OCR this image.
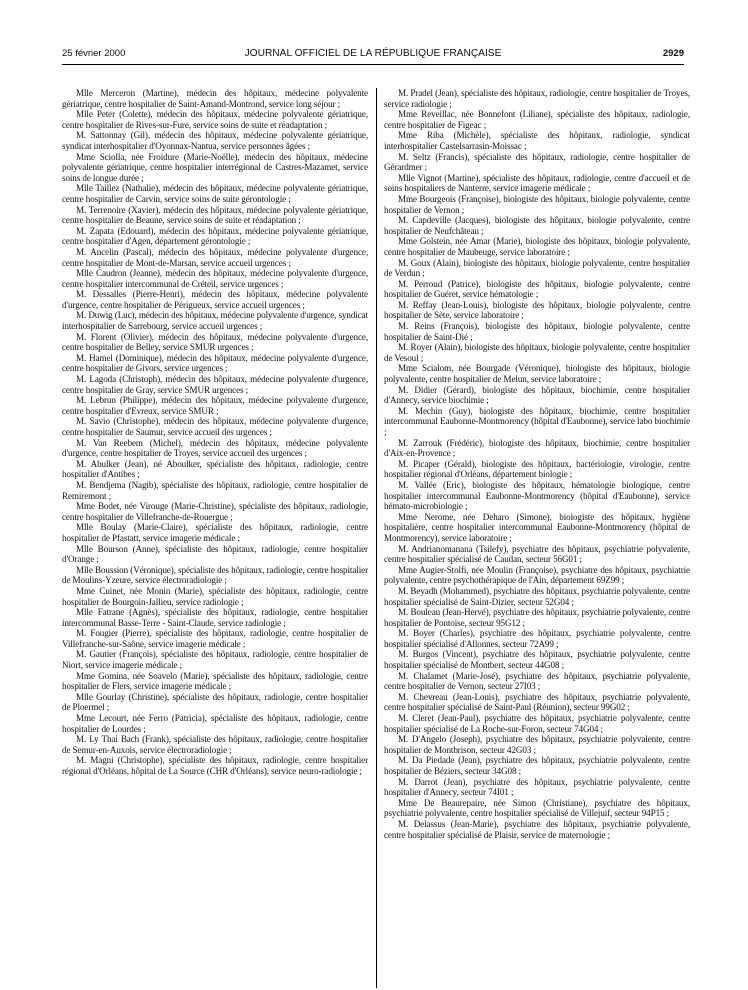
25 février 2000	JOURNAL OFFICIEL DE LA RÉPUBLIQUE FRANÇAISE	2929

Mlle Merceron (Martine), médecin des hôpitaux, médecine polyvalente gériatrique, centre hospitalier de Saint-Amand-Montrond, service long séjour ;

Mlle Peter (Colette), médecin des hôpitaux, médecine polyvalente gériatrique, centre hospitalier de Rives-sur-Fure, service soins de suite et réadaptation ;

M. Sattonnay (Gil), médecin des hôpitaux, médecine polyvalente gériatrique, syndicat interhospitalier d'Oyonnax-Nantua, service personnes âgées ;

Mme Sciolla, née Froidure (Marie-Noëlle), médecin des hôpitaux, médecine polyvalente gériatrique, centre hospitalier interrégional de Castres-Mazamet, service soins de longue durée ;

Mlle Taillez (Nathalie), médecin des hôpitaux, médecine polyvalente gériatrique, centre hospitalier de Carvin, service soins de suite gérontologie ;

M. Terrenoire (Xavier), médecin des hôpitaux, médecine polyvalente gériatrique, centre hospitalier de Beaune, service soins de suite et réadaptation ;

M. Zapata (Edouard), médecin des hôpitaux, médecine polyvalente gériatrique, centre hospitalier d'Agen, département gérontologie ;

M. Ancelin (Pascal), médecin des hôpitaux, médecine polyvalente d'urgence, centre hospitalier de Mont-de-Marsan, service accueil urgences ;

Mlle Caudron (Jeanne), médecin des hôpitaux, médecine polyvalente d'urgence, centre hospitalier intercommunal de Créteil, service urgences ;

M. Dessalles (Pierre-Henri), médecin des hôpitaux, médecine polyvalente d'urgence, centre hospitalier de Périgueux, service accueil urgences ;

M. Duwig (Luc), médecin des hôpitaux, médecine polyvalente d'urgence, syndicat interhospitalier de Sarrebourg, service accueil urgences ;

M. Florent (Olivier), médecin des hôpitaux, médecine polyvalente d'urgence, centre hospitalier de Belley, service SMUR urgences ;

M. Hamel (Dominique), médecin des hôpitaux, médecine polyvalente d'urgence, centre hospitalier de Givors, service urgences ;

M. Lagoda (Christoph), médecin des hôpitaux, médecine polyvalente d'urgence, centre hospitalier de Gray, service SMUR urgences ;

M. Lebrun (Philippe), médecin des hôpitaux, médecine polyvalente d'urgence, centre hospitalier d'Evreux, service SMUR ;

M. Savio (Christophe), médecin des hôpitaux, médecine polyvalente d'urgence, centre hospitalier de Saumur, service accueil des urgences ;

M. Van Reebem (Michel), médecin des hôpitaux, médecine polyvalente d'urgence, centre hospitalier de Troyes, service accueil des urgences ;

M. Abulker (Jean), né Aboulker, spécialiste des hôpitaux, radiologie, centre hospitalier d'Antibes ;

M. Bendjema (Nagib), spécialiste des hôpitaux, radiologie, centre hospitalier de Remiremont ;

Mme Bodet, née Virouge (Marie-Christine), spécialiste des hôpitaux, radiologie, centre hospitalier de Villefranche-de-Rouergue ;

Mlle Boulay (Marie-Claire), spécialiste des hôpitaux, radiologie, centre hospitalier de Pfastatt, service imagerie médicale ;

Mlle Bourson (Anne), spécialiste des hôpitaux, radiologie, centre hospitalier d'Orange ;

Mlle Boussion (Véronique), spécialiste des hôpitaux, radiologie, centre hospitalier de Moulins-Yzeure, service électroradiologie ;

Mme Cuinet, née Monin (Marie), spécialiste des hôpitaux, radiologie, centre hospitalier de Bourgoin-Jallieu, service radiologie ;

Mlle Fatrane (Agnès), spécialiste des hôpitaux, radiologie, centre hospitalier intercommunal Basse-Terre - Saint-Claude, service radiologie ;

M. Fougier (Pierre), spécialiste des hôpitaux, radiologie, centre hospitalier de Villefranche-sur-Saône, service imagerie médicale ;

M. Gautier (François), spécialiste des hôpitaux, radiologie, centre hospitalier de Niort, service imagerie médicale ;

Mme Gomina, née Soavelo (Marie), spécialiste des hôpitaux, radiologie, centre hospitalier de Flers, service imagerie médicale ;

Mlle Gourlay (Christine), spécialiste des hôpitaux, radiologie, centre hospitalier de Ploermel ;

Mme Lecourt, née Ferro (Patricia), spécialiste des hôpitaux, radiologie, centre hospitalier de Lourdes ;

M. Ly Thai Bach (Frank), spécialiste des hôpitaux, radiologie, centre hospitalier de Semur-en-Auxois, service électroradiologie ;

M. Magni (Christophe), spécialiste des hôpitaux, radiologie, centre hospitalier régional d'Orléans, hôpital de La Source (CHR d'Orléans), service neuro-radiologie ;

M. Pradel (Jean), spécialiste des hôpitaux, radiologie, centre hospitalier de Troyes, service radiologie ;

Mme Reveillac, née Bonnefont (Liliane), spécialiste des hôpitaux, radiologie, centre hospitalier de Figeac ;

Mme Riba (Michèle), spécialiste des hôpitaux, radiologie, syndicat interhospitalier Castelsarrasin-Moissac ;

M. Seltz (Francis), spécialiste des hôpitaux, radiologie, centre hospitalier de Gérardmer ;

Mlle Vignot (Martine), spécialiste des hôpitaux, radiologie, centre d'accueil et de soins hospitaliers de Nanterre, service imagerie médicale ;

Mme Bourgeois (Françoise), biologiste des hôpitaux, biologie polyvalente, centre hospitalier de Vernon ;

M. Capdeville (Jacques), biologiste des hôpitaux, biologie polyvalente, centre hospitalier de Neufchâteau ;

Mme Golstein, née Amar (Marie), biologiste des hôpitaux, biologie polyvalente, centre hospitalier de Maubeuge, service laboratoire ;

M. Goux (Alain), biologiste des hôpitaux, biologie polyvalente, centre hospitalier de Verdun ;

M. Perroud (Patrice), biologiste des hôpitaux, biologie polyvalente, centre hospitalier de Guéret, service hématologie ;

M. Reffay (Jean-Louis), biologiste des hôpitaux, biologie polyvalente, centre hospitalier de Sète, service laboratoire ;

M. Reins (François), biologiste des hôpitaux, biologie polyvalente, centre hospitalier de Saint-Dié ;

M. Royer (Alain), biologiste des hôpitaux, biologie polyvalente, centre hospitalier de Vesoul ;

Mme Scialom, née Bourgade (Véronique), biologiste des hôpitaux, biologie polyvalente, centre hospitalier de Melun, service laboratoire ;

M. Didier (Gérard), biologiste des hôpitaux, biochimie, centre hospitalier d'Annecy, service biochimie ;

M. Mechin (Guy), biologiste des hôpitaux, biochimie, centre hospitalier intercommunal Eaubonne-Montmorency (hôpital d'Eaubonne), service labo biochimie ;

M. Zarrouk (Frédéric), biologiste des hôpitaux, biochimie, centre hospitalier d'Aix-en-Provence ;

M. Picaper (Gérald), biologiste des hôpitaux, bactériologie, virologie, centre hospitalier régional d'Orléans, département biologie ;

M. Vallée (Eric), biologiste des hôpitaux, hématologie biologique, centre hospitalier intercommunal Eaubonne-Montmorency (hôpital d'Eaubonne), service hémato-microbiologie ;

Mme Nerome, née Deharo (Simone), biologiste des hôpitaux, hygiène hospitalière, centre hospitalier intercommunal Eaubonne-Montmorency (hôpital de Montmorency), service laboratoire ;

M. Andrianomanana (Tsilefy), psychiatre des hôpitaux, psychiatrie polyvalente, centre hospitalier spécialisé de Caudan, secteur 56G01 ;

Mme Augier-Stolfi, née Moulin (Françoise), psychiatre des hôpitaux, psychiatrie polyvalente, centre psychothérapique de l'Ain, département 69Z99 ;

M. Beyadh (Mohammed), psychiatre des hôpitaux, psychiatrie polyvalente, centre hospitalier spécialisé de Saint-Dizier, secteur 52G04 ;

M. Bouleau (Jean-Hervé), psychiatre des hôpitaux, psychiatrie polyvalente, centre hospitalier de Pontoise, secteur 95G12 ;

M. Boyer (Charles), psychiatre des hôpitaux, psychiatrie polyvalente, centre hospitalier spécialisé d'Allonnes, secteur 72A99 ;

M. Burgos (Vincent), psychiatre des hôpitaux, psychiatrie polyvalente, centre hospitalier spécialisé de Montbert, secteur 44G08 ;

M. Chalamet (Marie-José), psychiatre des hôpitaux, psychiatrie polyvalente, centre hospitalier de Vernon, secteur 27I03 ;

M. Chevreau (Jean-Louis), psychiatre des hôpitaux, psychiatrie polyvalente, centre hospitalier spécialisé de Saint-Paul (Réunion), secteur 99G02 ;

M. Cleret (Jean-Paul), psychiatre des hôpitaux, psychiatrie polyvalente, centre hospitalier spécialisé de La Roche-sur-Foron, secteur 74G04 ;

M. D'Angelo (Joseph), psychiatre des hôpitaux, psychiatrie polyvalente, centre hospitalier de Montbrison, secteur 42G03 ;

M. Da Piedade (Jean), psychiatre des hôpitaux, psychiatrie polyvalente, centre hospitalier de Béziers, secteur 34G08 ;

M. Darrot (Jean), psychiatre des hôpitaux, psychiatrie polyvalente, centre hospitalier d'Annecy, secteur 74I01 ;

Mme De Beaurepaire, née Simon (Christiane), psychiatre des hôpitaux, psychiatrie polyvalente, centre hospitalier spécialisé de Villejuif, secteur 94P15 ;

M. Delassus (Jean-Marie), psychiatre des hôpitaux, psychiatrie polyvalente, centre hospitalier spécialisé de Plaisir, service de maternologie ;
